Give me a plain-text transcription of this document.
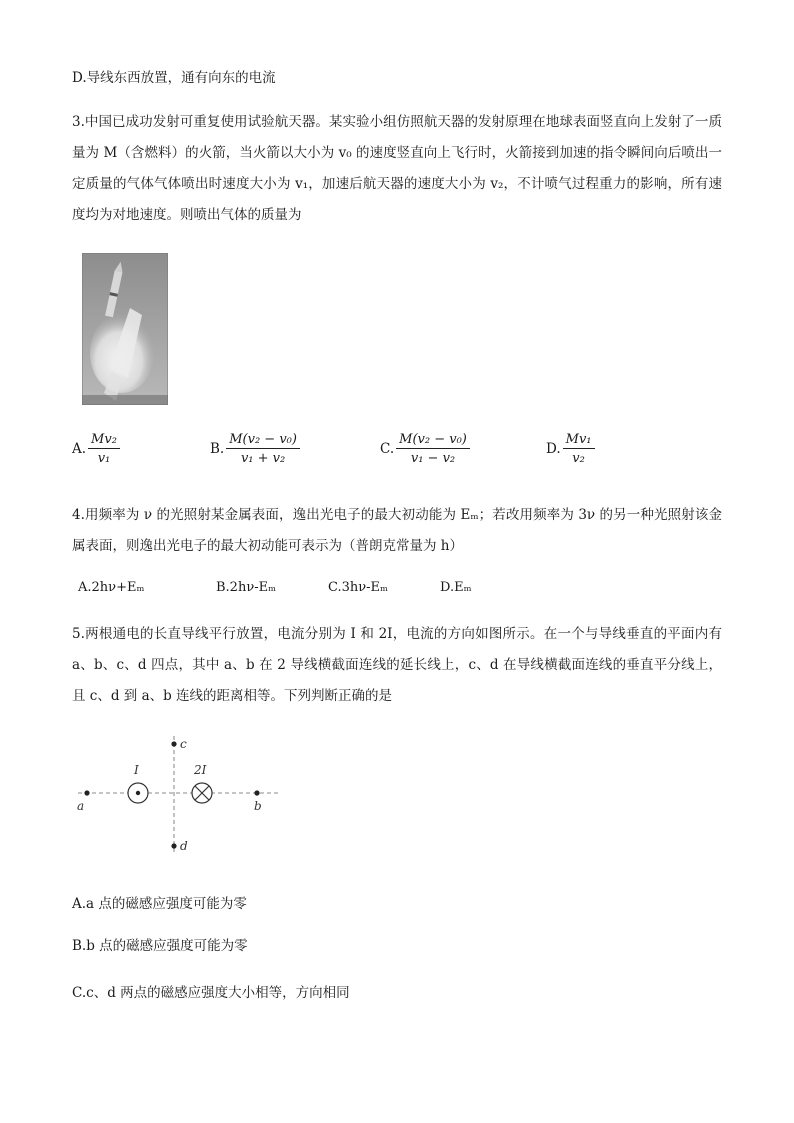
D.导线东西放置，通有向东的电流
3.中国已成功发射可重复使用试验航天器。某实验小组仿照航天器的发射原理在地球表面竖直向上发射了一质量为 M（含燃料）的火箭，当火箭以大小为 v₀ 的速度竖直向上飞行时，火箭接到加速的指令瞬间向后喷出一定质量的气体气体喷出时速度大小为 v₁，加速后航天器的速度大小为 v₂，不计喷气过程重力的影响，所有速度均为对地速度。则喷出气体的质量为
A. $\frac{\text{Mv₂}}{\text{v₁}}$	B. $\frac{\text{M(v₂ − v₀)}}{\text{v₁ + v₂}}$	C. $\frac{\text{M(v₂ − v₀)}}{\text{v₁ − v₂}}$	D. $\frac{\text{Mv₁}}{\text{v₂}}$
4.用频率为 ν 的光照射某金属表面，逸出光电子的最大初动能为 Eₘ；若改用频率为 3ν 的另一种光照射该金属表面，则逸出光电子的最大初动能可表示为（普朗克常量为 h）
A.2hν+Eₘ	B.2hν-Eₘ	C.3hν-Eₘ	D.Eₘ
5.两根通电的长直导线平行放置，电流分别为 I 和 2I，电流的方向如图所示。在一个与导线垂直的平面内有 a、b、c、d 四点，其中 a、b 在 2 导线横截面连线的延长线上，c、d 在导线横截面连线的垂直平分线上，且 c、d 到 a、b 连线的距离相等。下列判断正确的是
a	b
c
d
I	2I
A.a 点的磁感应强度可能为零
B.b 点的磁感应强度可能为零
C.c、d 两点的磁感应强度大小相等，方向相同
